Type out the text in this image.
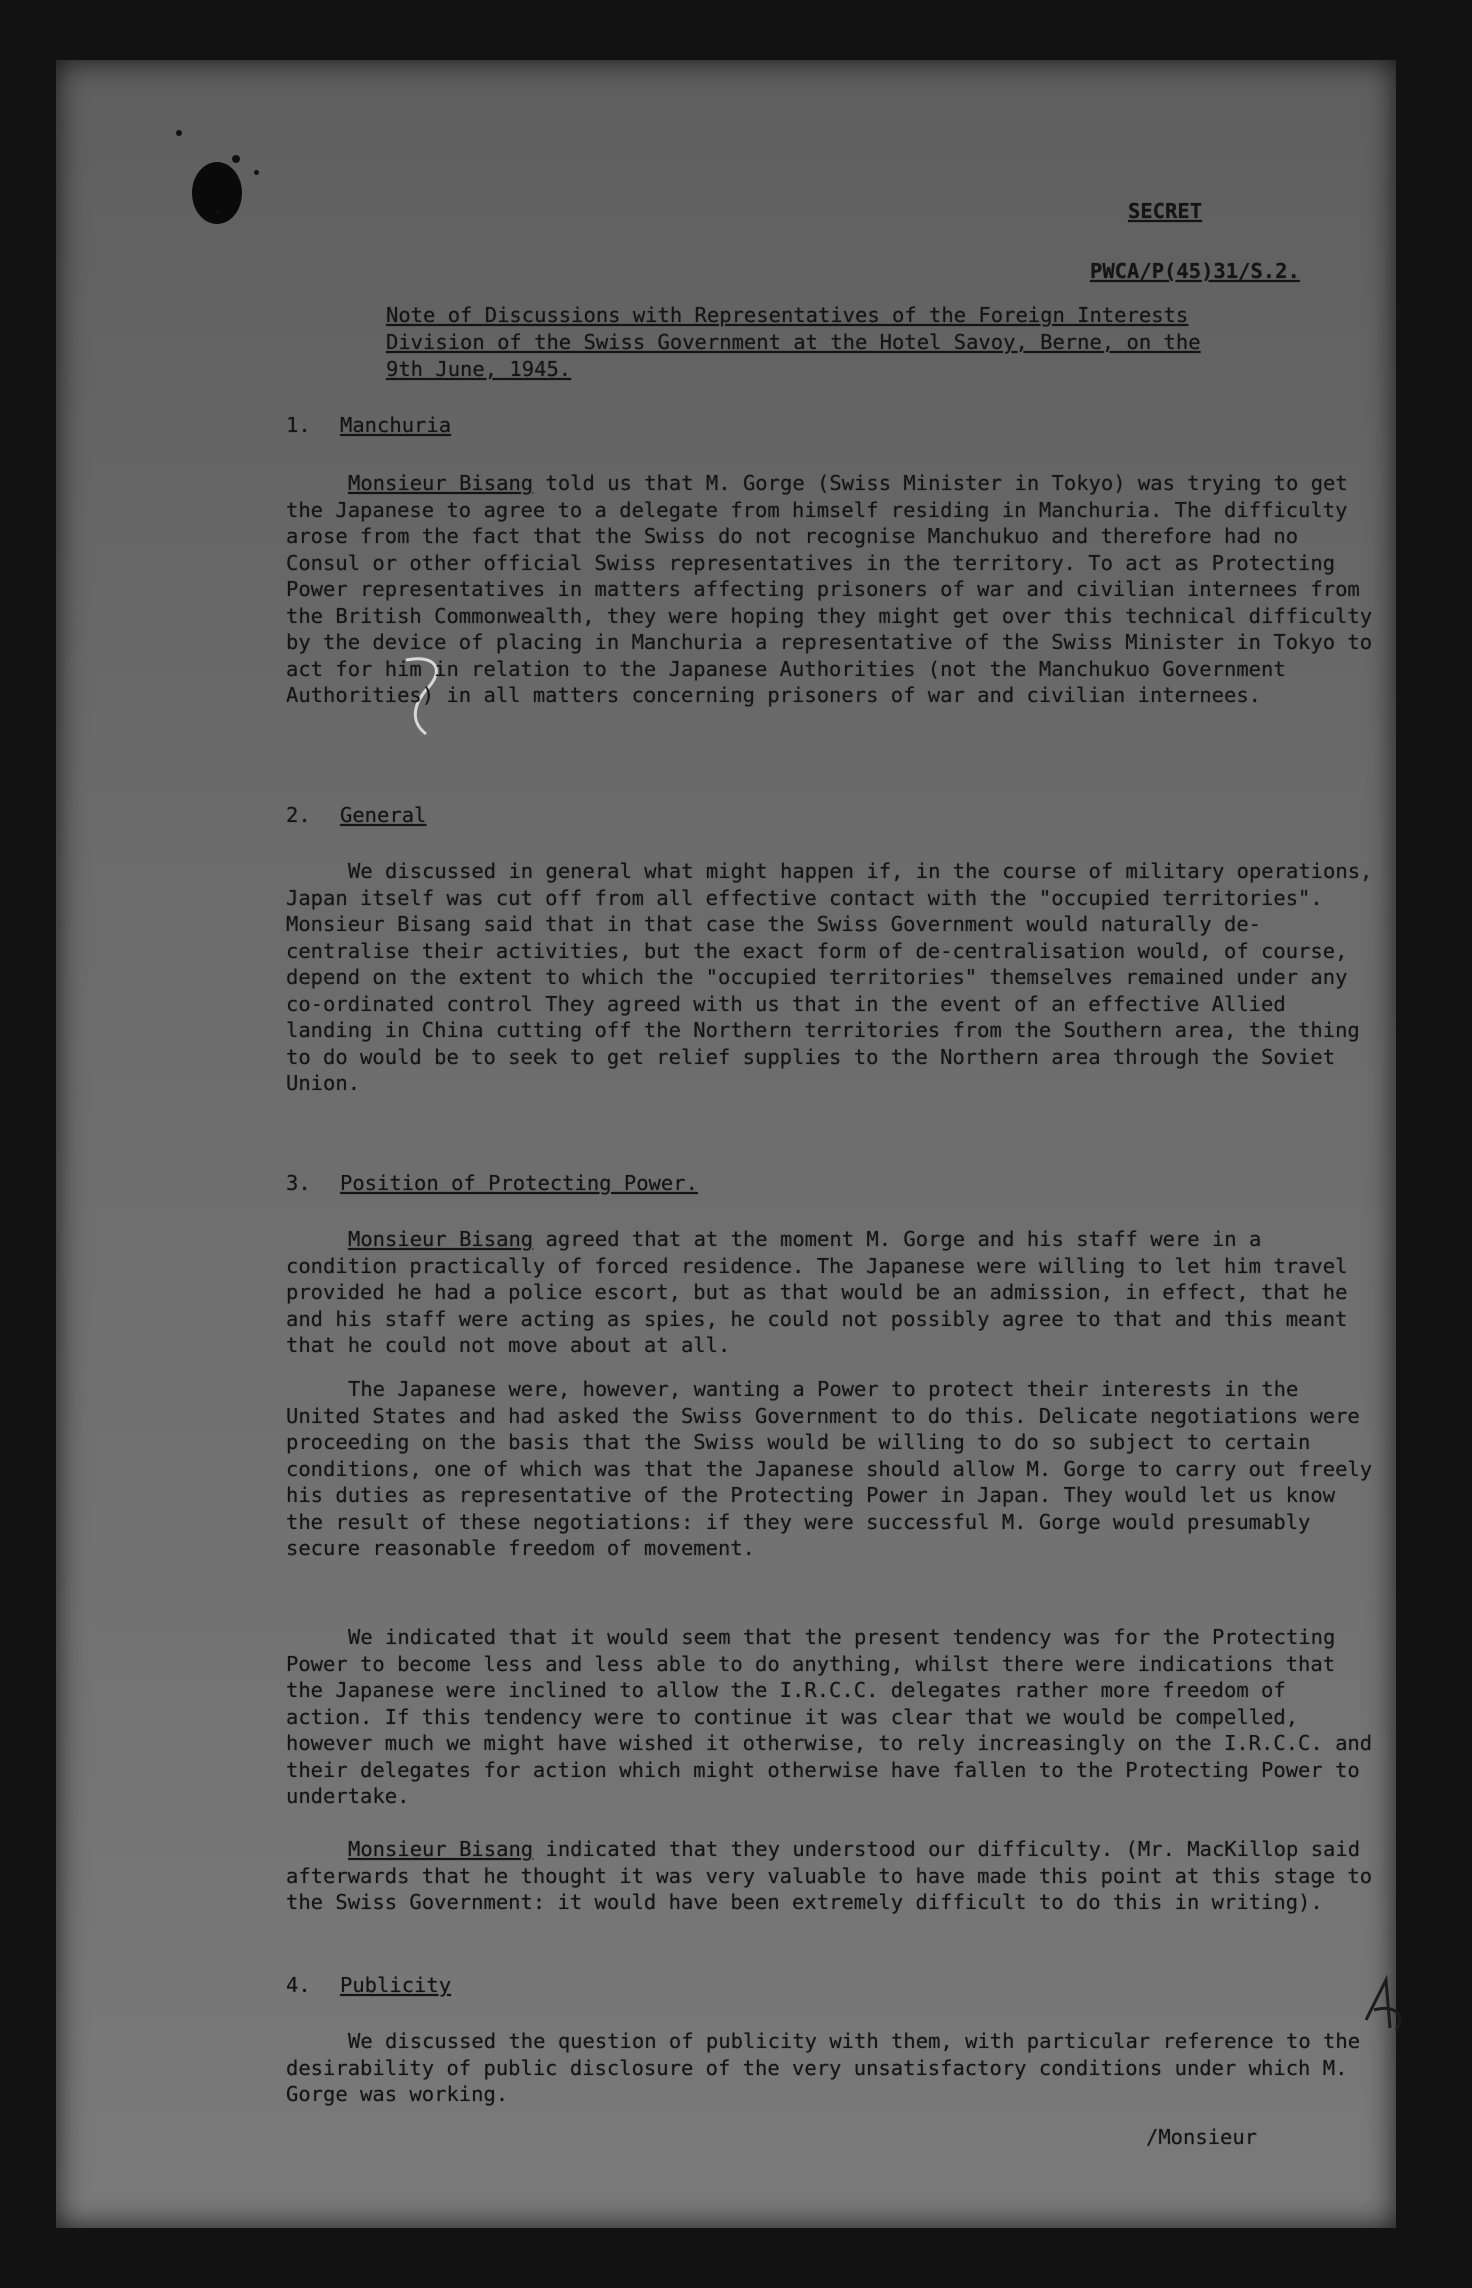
SECRET
PWCA/P(45)31/S.2.
Note of Discussions with Representatives of the Foreign Interests Division of the Swiss Government at the Hotel Savoy, Berne, on the 9th June, 1945.
1. Manchuria

Monsieur Bisang told us that M. Gorge (Swiss Minister in Tokyo) was trying to get the Japanese to agree to a delegate from himself residing in Manchuria. The difficulty arose from the fact that the Swiss do not recognise Manchukuo and therefore had no Consul or other official Swiss representatives in the territory. To act as Protecting Power representatives in matters affecting prisoners of war and civilian internees from the British Commonwealth, they were hoping they might get over this technical difficulty by the device of placing in Manchuria a representative of the Swiss Minister in Tokyo to act for him in relation to the Japanese Authorities (not the Manchukuo Government Authorities) in all matters concerning prisoners of war and civilian internees.

2. General

We discussed in general what might happen if, in the course of military operations, Japan itself was cut off from all effective contact with the "occupied territories". Monsieur Bisang said that in that case the Swiss Government would naturally de-centralise their activities, but the exact form of de-centralisation would, of course, depend on the extent to which the "occupied territories" themselves remained under any co-ordinated control They agreed with us that in the event of an effective Allied landing in China cutting off the Northern territories from the Southern area, the thing to do would be to seek to get relief supplies to the Northern area through the Soviet Union.

3. Position of Protecting Power.

Monsieur Bisang agreed that at the moment M. Gorge and his staff were in a condition practically of forced residence. The Japanese were willing to let him travel provided he had a police escort, but as that would be an admission, in effect, that he and his staff were acting as spies, he could not possibly agree to that and this meant that he could not move about at all.

The Japanese were, however, wanting a Power to protect their interests in the United States and had asked the Swiss Government to do this. Delicate negotiations were proceeding on the basis that the Swiss would be willing to do so subject to certain conditions, one of which was that the Japanese should allow M. Gorge to carry out freely his duties as representative of the Protecting Power in Japan. They would let us know the result of these negotiations: if they were successful M. Gorge would presumably secure reasonable freedom of movement.

We indicated that it would seem that the present tendency was for the Protecting Power to become less and less able to do anything, whilst there were indications that the Japanese were inclined to allow the I.R.C.C. delegates rather more freedom of action. If this tendency were to continue it was clear that we would be compelled, however much we might have wished it otherwise, to rely increasingly on the I.R.C.C. and their delegates for action which might otherwise have fallen to the Protecting Power to undertake.

Monsieur Bisang indicated that they understood our difficulty. (Mr. MacKillop said afterwards that he thought it was very valuable to have made this point at this stage to the Swiss Government: it would have been extremely difficult to do this in writing).

4. Publicity

We discussed the question of publicity with them, with particular reference to the desirability of public disclosure of the very unsatisfactory conditions under which M. Gorge was working.

/Monsieur
